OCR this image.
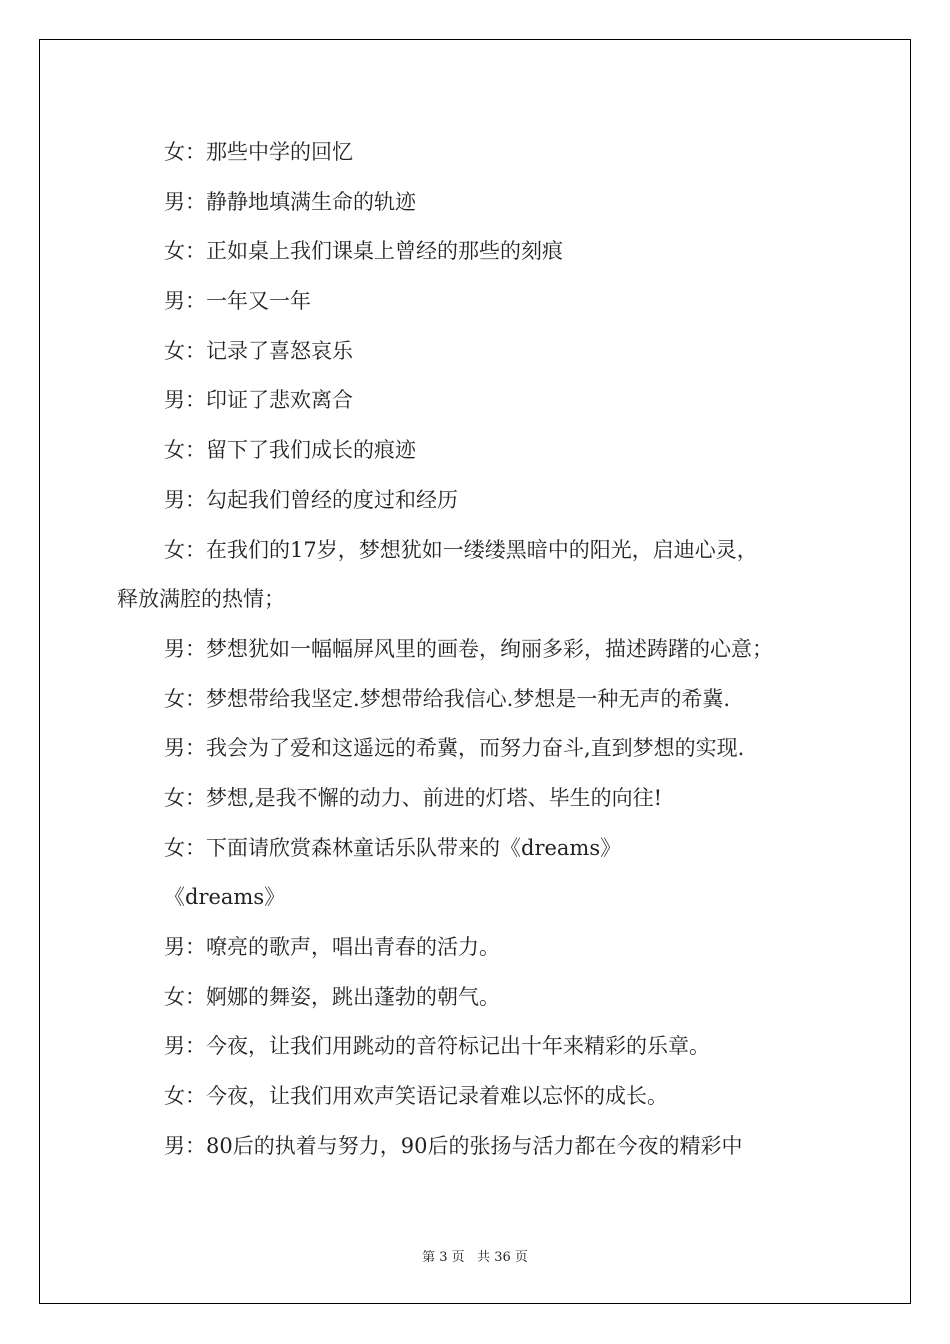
女：那些中学的回忆
男：静静地填满生命的轨迹
女：正如桌上我们课桌上曾经的那些的刻痕
男：一年又一年
女：记录了喜怒哀乐
男：印证了悲欢离合
女：留下了我们成长的痕迹
男：勾起我们曾经的度过和经历
女：在我们的17岁，梦想犹如一缕缕黑暗中的阳光，启迪心灵，
释放满腔的热情；
男：梦想犹如一幅幅屏风里的画卷，绚丽多彩，描述踌躇的心意；
女：梦想带给我坚定.梦想带给我信心.梦想是一种无声的希冀.
男：我会为了爱和这遥远的希冀，而努力奋斗,直到梦想的实现.
女：梦想,是我不懈的动力、前进的灯塔、毕生的向往!
女：下面请欣赏森林童话乐队带来的《dreams》
《dreams》
男：嘹亮的歌声，唱出青春的活力。
女：婀娜的舞姿，跳出蓬勃的朝气。
男：今夜，让我们用跳动的音符标记出十年来精彩的乐章。
女：今夜，让我们用欢声笑语记录着难以忘怀的成长。
男：80后的执着与努力，90后的张扬与活力都在今夜的精彩中
第 3 页   共 36 页
